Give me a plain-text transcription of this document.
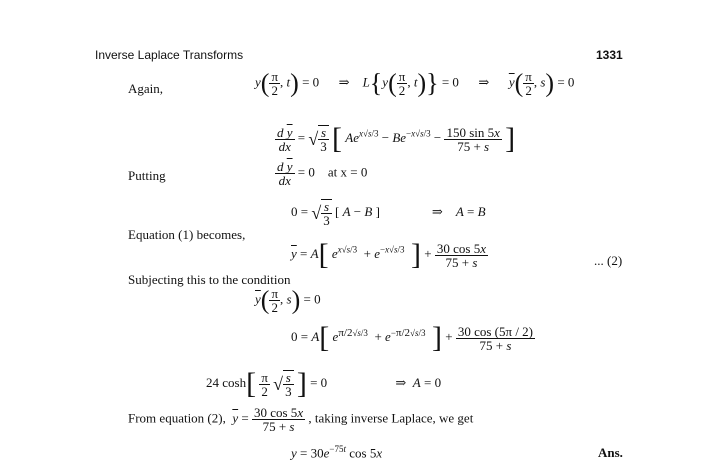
Inverse Laplace Transforms	1331
Again,	$y( \frac{\pi}{2}$ , t) = 0      ⇒    $L\{y( \frac{\pi}{2}$ , t)} = 0      ⇒      $\overline{y}( \frac{\pi}{2}$ , s) = 0
$\frac{d \overline{y}}{dx}$ = √ $\frac{s}{3}$ [ $Ae^{x√s/3} - Be^{-x√s/3} - \frac{150 \sin 5x}{75 + s}$ ]
Putting	$\frac{d \overline{y}}{dx} = 0$    at x = 0
0 = √ $\frac{s}{3}$ [ A − B ]                ⇒    A = B
Equation (1) becomes,
$\overline{y} = A$[ $e^{x√s/3} + e^{-x√s/3}$ ] + $\frac{30 \cos 5x}{75 + s}$	... (2)
Subjecting this to the condition
$\overline{y}( \frac{\pi}{2}$ , s) = 0
0 = A[ $e^{\pi/2√s/3} + e^{-\pi/2√s/3}$ ] + $\frac{30 \cos (5\pi / 2)}{75 + s}$
24 $\cosh[ \frac{\pi}{2}$ √ $\frac{s}{3}$ ] = 0                     ⇒  A = 0
From equation (2), $\overline{y} = \frac{30 \cos 5x}{75 + s}$ , taking inverse Laplace, we get
$y = 30e^{-75t}$ cos 5x	Ans.
